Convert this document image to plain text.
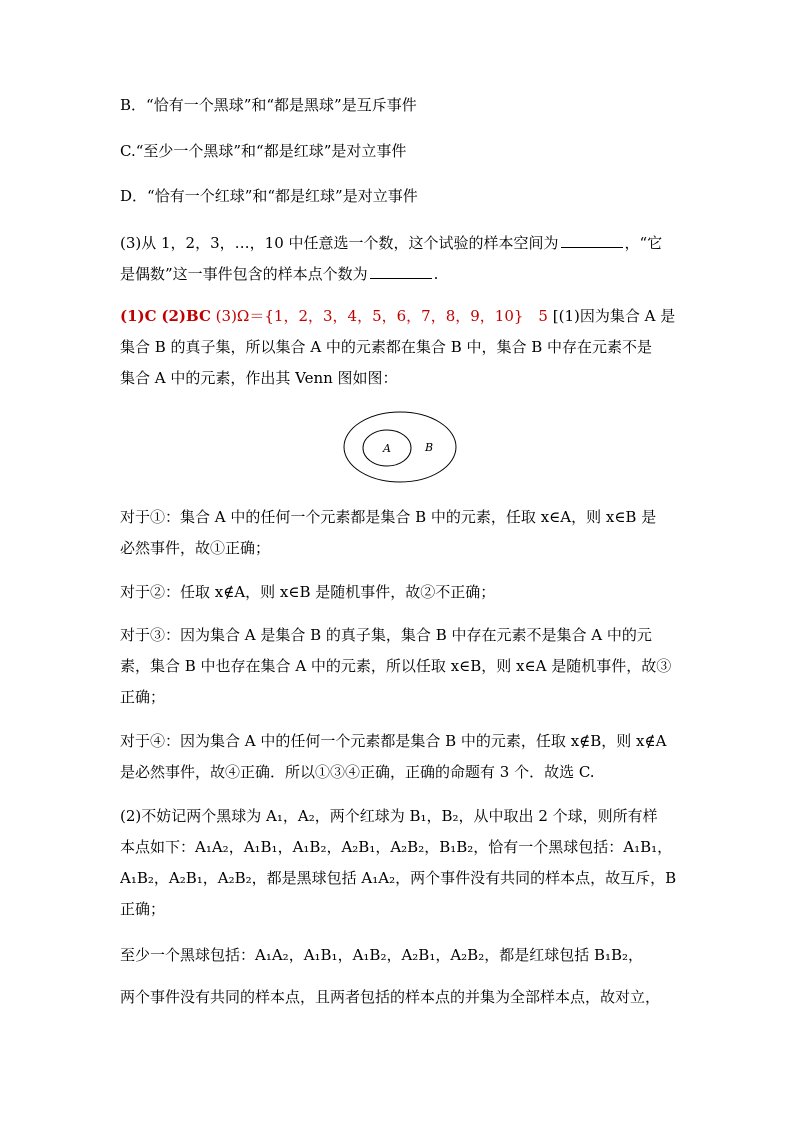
B．“恰有一个黑球”和“都是黑球”是互斥事件
C.“至少一个黑球”和“都是红球”是对立事件
D．“恰有一个红球”和“都是红球”是对立事件
(3)从 1，2，3，…，10 中任意选一个数，这个试验的样本空间为	，“它
是偶数”这一事件包含的样本点个数为	.
(1)C (2)BC (3)Ω＝{1，2，3，4，5，6，7，8，9，10}　5 [(1)因为集合 A 是
集合 B 的真子集，所以集合 A 中的元素都在集合 B 中，集合 B 中存在元素不是
集合 A 中的元素，作出其 Venn 图如图：
A	B
对于①：集合 A 中的任何一个元素都是集合 B 中的元素，任取 x∈A，则 x∈B 是
必然事件，故①正确；
对于②：任取 x∉A，则 x∈B 是随机事件，故②不正确；
对于③：因为集合 A 是集合 B 的真子集，集合 B 中存在元素不是集合 A 中的元
素，集合 B 中也存在集合 A 中的元素，所以任取 x∈B，则 x∈A 是随机事件，故③
正确；
对于④：因为集合 A 中的任何一个元素都是集合 B 中的元素，任取 x∉B，则 x∉A
是必然事件，故④正确．所以①③④正确，正确的命题有 3 个．故选 C.
(2)不妨记两个黑球为 A₁，A₂，两个红球为 B₁，B₂，从中取出 2 个球，则所有样
本点如下：A₁A₂，A₁B₁，A₁B₂，A₂B₁，A₂B₂，B₁B₂，恰有一个黑球包括：A₁B₁，
A₁B₂，A₂B₁，A₂B₂，都是黑球包括 A₁A₂，两个事件没有共同的样本点，故互斥，B
正确；
至少一个黑球包括：A₁A₂，A₁B₁，A₁B₂，A₂B₁，A₂B₂，都是红球包括 B₁B₂，
两个事件没有共同的样本点，且两者包括的样本点的并集为全部样本点，故对立，
